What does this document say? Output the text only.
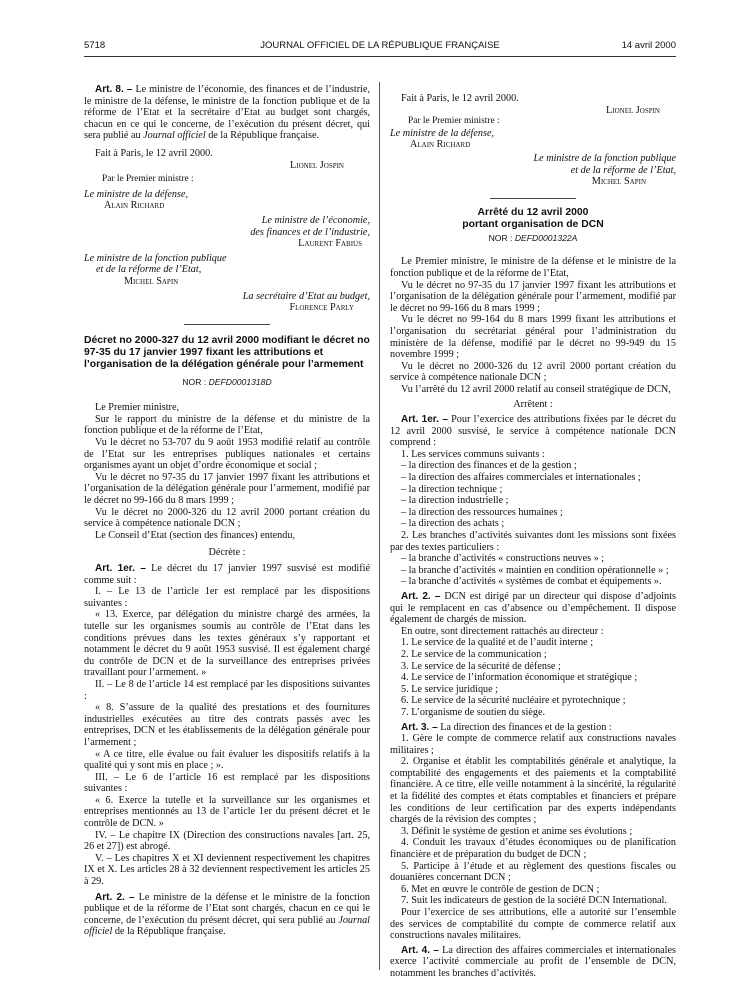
5718	JOURNAL OFFICIEL DE LA RÉPUBLIQUE FRANÇAISE	14 avril 2000

Art. 8. – Le ministre de l’économie, des finances et de l’industrie, le ministre de la défense, le ministre de la fonction publique et de la réforme de l’Etat et la secrétaire d’Etat au budget sont chargés, chacun en ce qui le concerne, de l’exécution du présent décret, qui sera publié au Journal officiel de la République française.

Fait à Paris, le 12 avril 2000.

Lionel Jospin

Par le Premier ministre :

Le ministre de la défense,

Alain Richard

Le ministre de l’économie,

des finances et de l’industrie,

Laurent Fabius

Le ministre de la fonction publique

et de la réforme de l’Etat,

Michel Sapin

La secrétaire d’Etat au budget,

Florence Parly

Décret no 2000-327 du 12 avril 2000 modifiant le décret no 97-35 du 17 janvier 1997 fixant les attributions et l’organisation de la délégation générale pour l’armement

NOR : DEFD0001318D

Le Premier ministre,

Sur le rapport du ministre de la défense et du ministre de la fonction publique et de la réforme de l’Etat,

Vu le décret no 53-707 du 9 août 1953 modifié relatif au contrôle de l’Etat sur les entreprises publiques nationales et certains organismes ayant un objet d’ordre économique et social ;

Vu le décret no 97-35 du 17 janvier 1997 fixant les attributions et l’organisation de la délégation générale pour l’armement, modifié par le décret no 99-166 du 8 mars 1999 ;

Vu le décret no 2000-326 du 12 avril 2000 portant création du service à compétence nationale DCN ;

Le Conseil d’Etat (section des finances) entendu,

Décrète :

Art. 1er. – Le décret du 17 janvier 1997 susvisé est modifié comme suit :

I. – Le 13 de l’article 1er est remplacé par les dispositions suivantes :

« 13. Exerce, par délégation du ministre chargé des armées, la tutelle sur les organismes soumis au contrôle de l’Etat dans les conditions prévues dans les textes généraux s’y rapportant et notamment le décret du 9 août 1953 susvisé. Il est également chargé du contrôle de DCN et de la surveillance des entreprises privées travaillant pour l’armement. »

II. – Le 8 de l’article 14 est remplacé par les dispositions suivantes :

« 8. S’assure de la qualité des prestations et des fournitures industrielles exécutées au titre des contrats passés avec les entreprises, DCN et les établissements de la délégation générale pour l’armement ;

« A ce titre, elle évalue ou fait évaluer les dispositifs relatifs à la qualité qui y sont mis en place ; ».

III. – Le 6 de l’article 16 est remplacé par les dispositions suivantes :

« 6. Exerce la tutelle et la surveillance sur les organismes et entreprises mentionnés au 13 de l’article 1er du présent décret et le contrôle de DCN. »

IV. – Le chapitre IX (Direction des constructions navales [art. 25, 26 et 27]) est abrogé.

V. – Les chapitres X et XI deviennent respectivement les chapitres IX et X. Les articles 28 à 32 deviennent respectivement les articles 25 à 29.

Art. 2. – Le ministre de la défense et le ministre de la fonction publique et de la réforme de l’Etat sont chargés, chacun en ce qui le concerne, de l’exécution du présent décret, qui sera publié au Journal officiel de la République française.

Fait à Paris, le 12 avril 2000.

Lionel Jospin

Par le Premier ministre :

Le ministre de la défense,

Alain Richard

Le ministre de la fonction publique

et de la réforme de l’Etat,

Michel Sapin

Arrêté du 12 avril 2000

portant organisation de DCN

NOR : DEFD0001322A

Le Premier ministre, le ministre de la défense et le ministre de la fonction publique et de la réforme de l’Etat,

Vu le décret no 97-35 du 17 janvier 1997 fixant les attributions et l’organisation de la délégation générale pour l’armement, modifié par le décret no 99-166 du 8 mars 1999 ;

Vu le décret no 99-164 du 8 mars 1999 fixant les attributions et l’organisation du secrétariat général pour l’administration du ministère de la défense, modifié par le décret no 99-949 du 15 novembre 1999 ;

Vu le décret no 2000-326 du 12 avril 2000 portant création du service à compétence nationale DCN ;

Vu l’arrêté du 12 avril 2000 relatif au conseil stratégique de DCN,

Arrêtent :

Art. 1er. – Pour l’exercice des attributions fixées par le décret du 12 avril 2000 susvisé, le service à compétence nationale DCN comprend :

1. Les services communs suivants :

– la direction des finances et de la gestion ;

– la direction des affaires commerciales et internationales ;

– la direction technique ;

– la direction industrielle ;

– la direction des ressources humaines ;

– la direction des achats ;

2. Les branches d’activités suivantes dont les missions sont fixées par des textes particuliers :

– la branche d’activités « constructions neuves » ;

– la branche d’activités « maintien en condition opérationnelle » ;

– la branche d’activités « systèmes de combat et équipements ».

Art. 2. – DCN est dirigé par un directeur qui dispose d’adjoints qui le remplacent en cas d’absence ou d’empêchement. Il dispose également de chargés de mission.

En outre, sont directement rattachés au directeur :

1. Le service de la qualité et de l’audit interne ;

2. Le service de la communication ;

3. Le service de la sécurité de défense ;

4. Le service de l’information économique et stratégique ;

5. Le service juridique ;

6. Le service de la sécurité nucléaire et pyrotechnique ;

7. L’organisme de soutien du siège.

Art. 3. – La direction des finances et de la gestion :

1. Gère le compte de commerce relatif aux constructions navales militaires ;

2. Organise et établit les comptabilités générale et analytique, la comptabilité des engagements et des paiements et la comptabilité financière. A ce titre, elle veille notamment à la sincérité, la régularité et la fidélité des comptes et états comptables et financiers et prépare les conditions de leur certification par des experts indépendants chargés de la révision des comptes ;

3. Définit le système de gestion et anime ses évolutions ;

4. Conduit les travaux d’études économiques ou de planification financière et de préparation du budget de DCN ;

5. Participe à l’étude et au règlement des questions fiscales ou douanières concernant DCN ;

6. Met en œuvre le contrôle de gestion de DCN ;

7. Suit les indicateurs de gestion de la société DCN International.

Pour l’exercice de ses attributions, elle a autorité sur l’ensemble des services de comptabilité du compte de commerce relatif aux constructions navales militaires.

Art. 4. – La direction des affaires commerciales et internationales exerce l’activité commerciale au profit de l’ensemble de DCN, notamment les branches d’activités.
